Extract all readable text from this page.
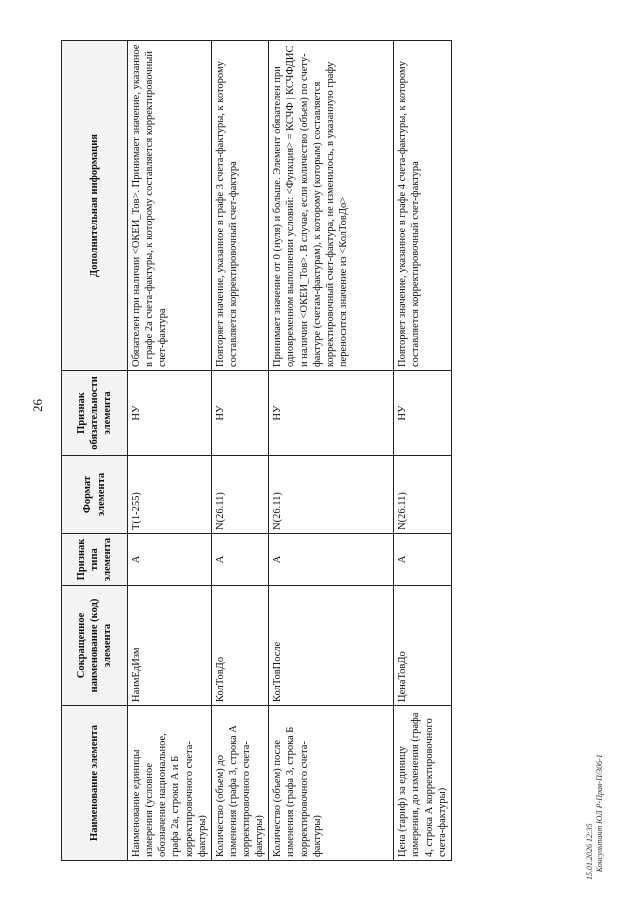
26
Наименование элемента	Сокращенное наименование (код) элемента	Признак типа элемента	Формат элемента	Признак обязательности элемента	Дополнительная информация
Наименование единицы измерения (условное обозначение национальное, графа 2а, строки А и Б корректировочного счета-фактуры)	НаимЕдИзм	А	T(1-255)	НУ	Обязателен при наличии <ОКЕИ_Тов>. Принимает значение, указанное в графе 2а счета-фактуры, к которому составляется корректировочный счет-фактура
Количество (объем) до изменения (графа 3, строка А корректировочного счета-фактуры)	КолТовДо	А	N(26.11)	НУ	Повторяет значение, указанное в графе 3 счета-фактуры, к которому составляется корректировочный счет-фактура
Количество (объем) после изменения (графа 3, строка Б корректировочного счета-фактуры)	КолТовПосле	А	N(26.11)	НУ	Принимает значение от 0 (нуля) и больше. Элемент обязателен при одновременном выполнении условий: <Функция> = КСЧФ | КСЧФДИС и наличии <ОКЕИ_Тов>. В случае, если количество (объем) по счету-фактуре (счетам-фактурам), к которому (которым) составляется корректировочный счет-фактура, не изменилось, в указанную графу переносится значение из <КолТовДо>
Цена (тариф) за единицу измерения, до изменения (графа 4, строка А корректировочного счета-фактуры)	ЦенаТовДо	А	N(26.11)	НУ	Повторяет значение, указанное в графе 4 счета-фактуры, к которому составляется корректировочный счет-фактура
15.01.2026 12:35 ㅤКонсультант ЮЛ Р-Прав-П/306-1
